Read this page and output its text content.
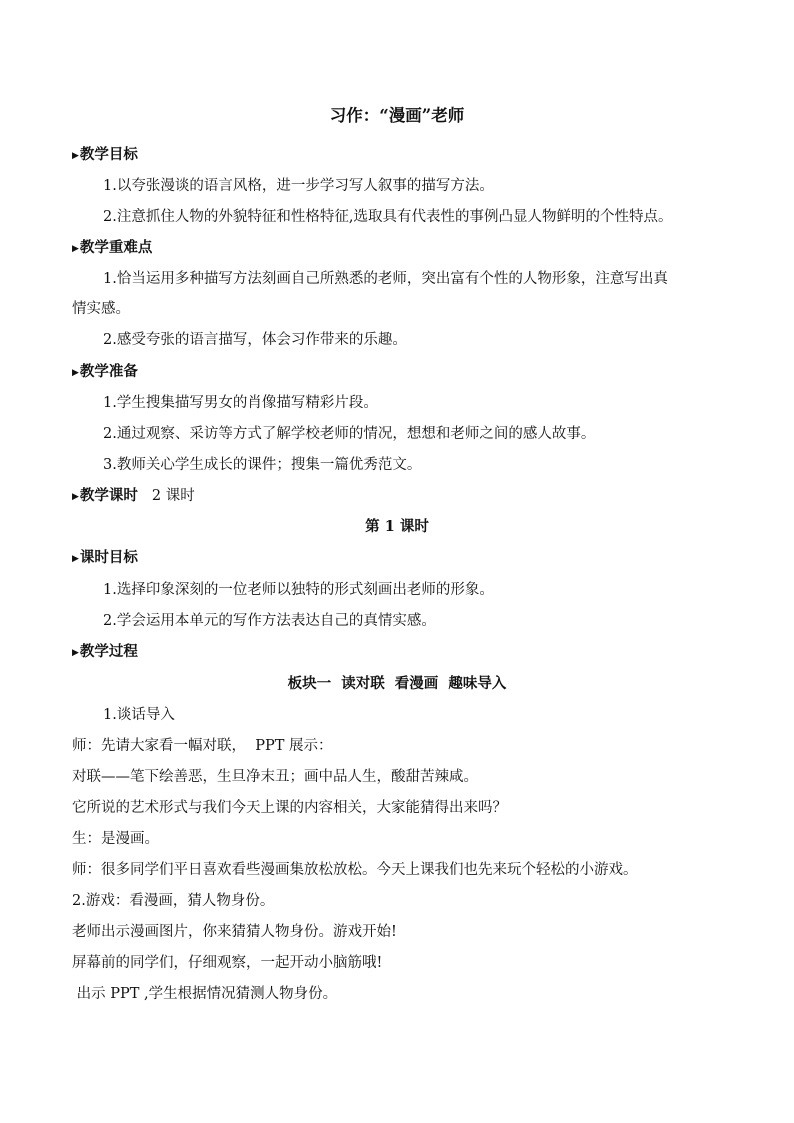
习作：“漫画”老师
▶教学目标
1.以夸张漫谈的语言风格，进一步学习写人叙事的描写方法。
2.注意抓住人物的外貌特征和性格特征,选取具有代表性的事例凸显人物鲜明的个性特点。
▶教学重难点
1.恰当运用多种描写方法刻画自己所熟悉的老师，突出富有个性的人物形象，注意写出真
情实感。
2.感受夸张的语言描写，体会习作带来的乐趣。
▶教学准备
1.学生搜集描写男女的肖像描写精彩片段。
2.通过观察、采访等方式了解学校老师的情况，想想和老师之间的感人故事。
3.教师关心学生成长的课件；搜集一篇优秀范文。
▶教学课时 2 课时
第 1 课时
▶课时目标
1.选择印象深刻的一位老师以独特的形式刻画出老师的形象。
2.学会运用本单元的写作方法表达自己的真情实感。
▶教学过程
板块一  读对联  看漫画  趣味导入
1.谈话导入
师：先请大家看一幅对联，  PPT 展示：
对联——笔下绘善恶，生旦净末丑；画中品人生，酸甜苦辣咸。
它所说的艺术形式与我们今天上课的内容相关，大家能猜得出来吗？
生：是漫画。
师：很多同学们平日喜欢看些漫画集放松放松。今天上课我们也先来玩个轻松的小游戏。
2.游戏：看漫画，猜人物身份。
老师出示漫画图片，你来猜猜人物身份。游戏开始!
屏幕前的同学们，仔细观察，一起开动小脑筋哦!
出示 PPT ,学生根据情况猜测人物身份。
